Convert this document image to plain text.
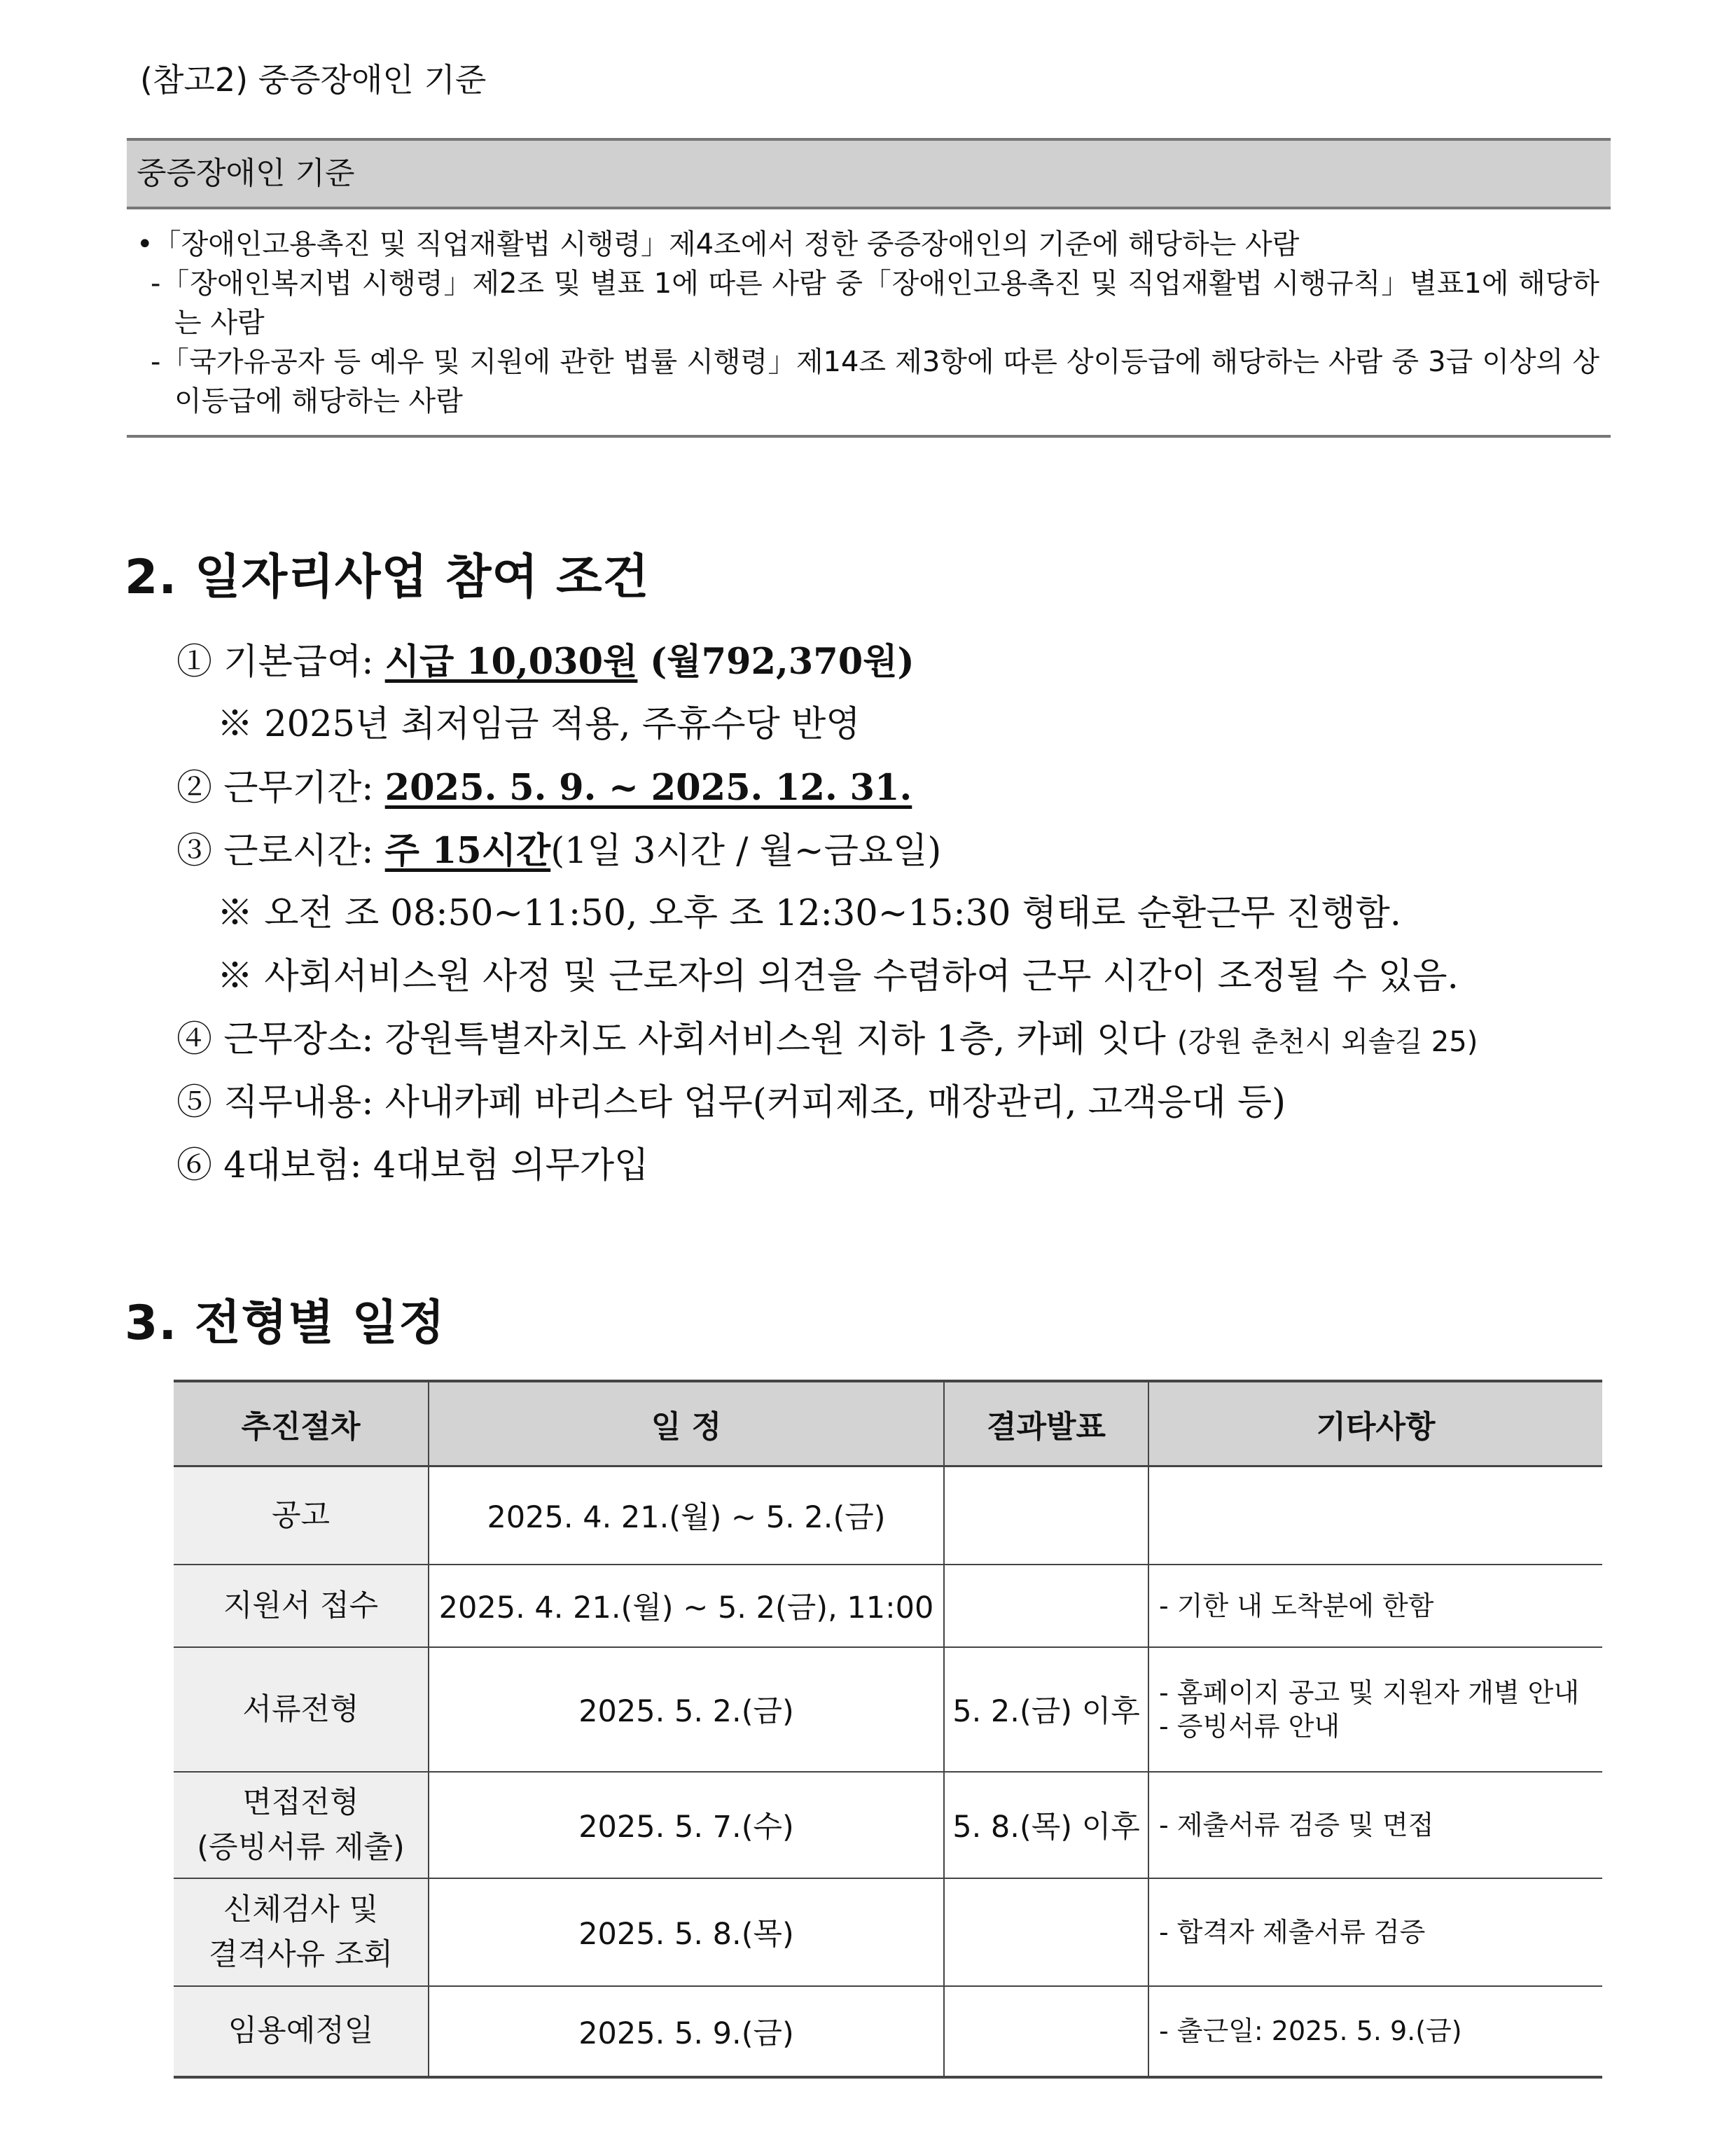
(참고2) 중증장애인 기준
중증장애인 기준
•「장애인고용촉진 및 직업재활법 시행령」제4조에서 정한 중증장애인의 기준에 해당하는 사람
-「장애인복지법 시행령」제2조 및 별표 1에 따른 사람 중「장애인고용촉진 및 직업재활법 시행규칙」별표1에 해당하는 사람
-「국가유공자 등 예우 및 지원에 관한 법률 시행령」제14조 제3항에 따른 상이등급에 해당하는 사람 중 3급 이상의 상이등급에 해당하는 사람
2. 일자리사업 참여 조건
① 기본급여: 시급 10,030원 (월792,370원)
※ 2025년 최저임금 적용, 주휴수당 반영
② 근무기간: 2025. 5. 9. ~ 2025. 12. 31.
③ 근로시간: 주 15시간(1일 3시간 / 월~금요일)
※ 오전 조 08:50~11:50, 오후 조 12:30~15:30 형태로 순환근무 진행함.
※ 사회서비스원 사정 및 근로자의 의견을 수렴하여 근무 시간이 조정될 수 있음.
④ 근무장소: 강원특별자치도 사회서비스원 지하 1층, 카페 잇다 (강원 춘천시 외솔길 25)
⑤ 직무내용: 사내카페 바리스타 업무(커피제조, 매장관리, 고객응대 등)
⑥ 4대보험: 4대보험 의무가입
3. 전형별 일정
추진절차	일 정	결과발표	기타사항

공고	2025. 4. 21.(월) ~ 5. 2.(금)		

지원서 접수	2025. 4. 21.(월) ~ 5. 2(금), 11:00		- 기한 내 도착분에 한함

서류전형	2025. 5. 2.(금)	5. 2.(금) 이후	- 홈페이지 공고 및 지원자 개별 안내
- 증빙서류 안내

면접전형
(증빙서류 제출)	2025. 5. 7.(수)	5. 8.(목) 이후	- 제출서류 검증 및 면접

신체검사 및
결격사유 조회	2025. 5. 8.(목)		- 합격자 제출서류 검증

임용예정일	2025. 5. 9.(금)		- 출근일: 2025. 5. 9.(금)
